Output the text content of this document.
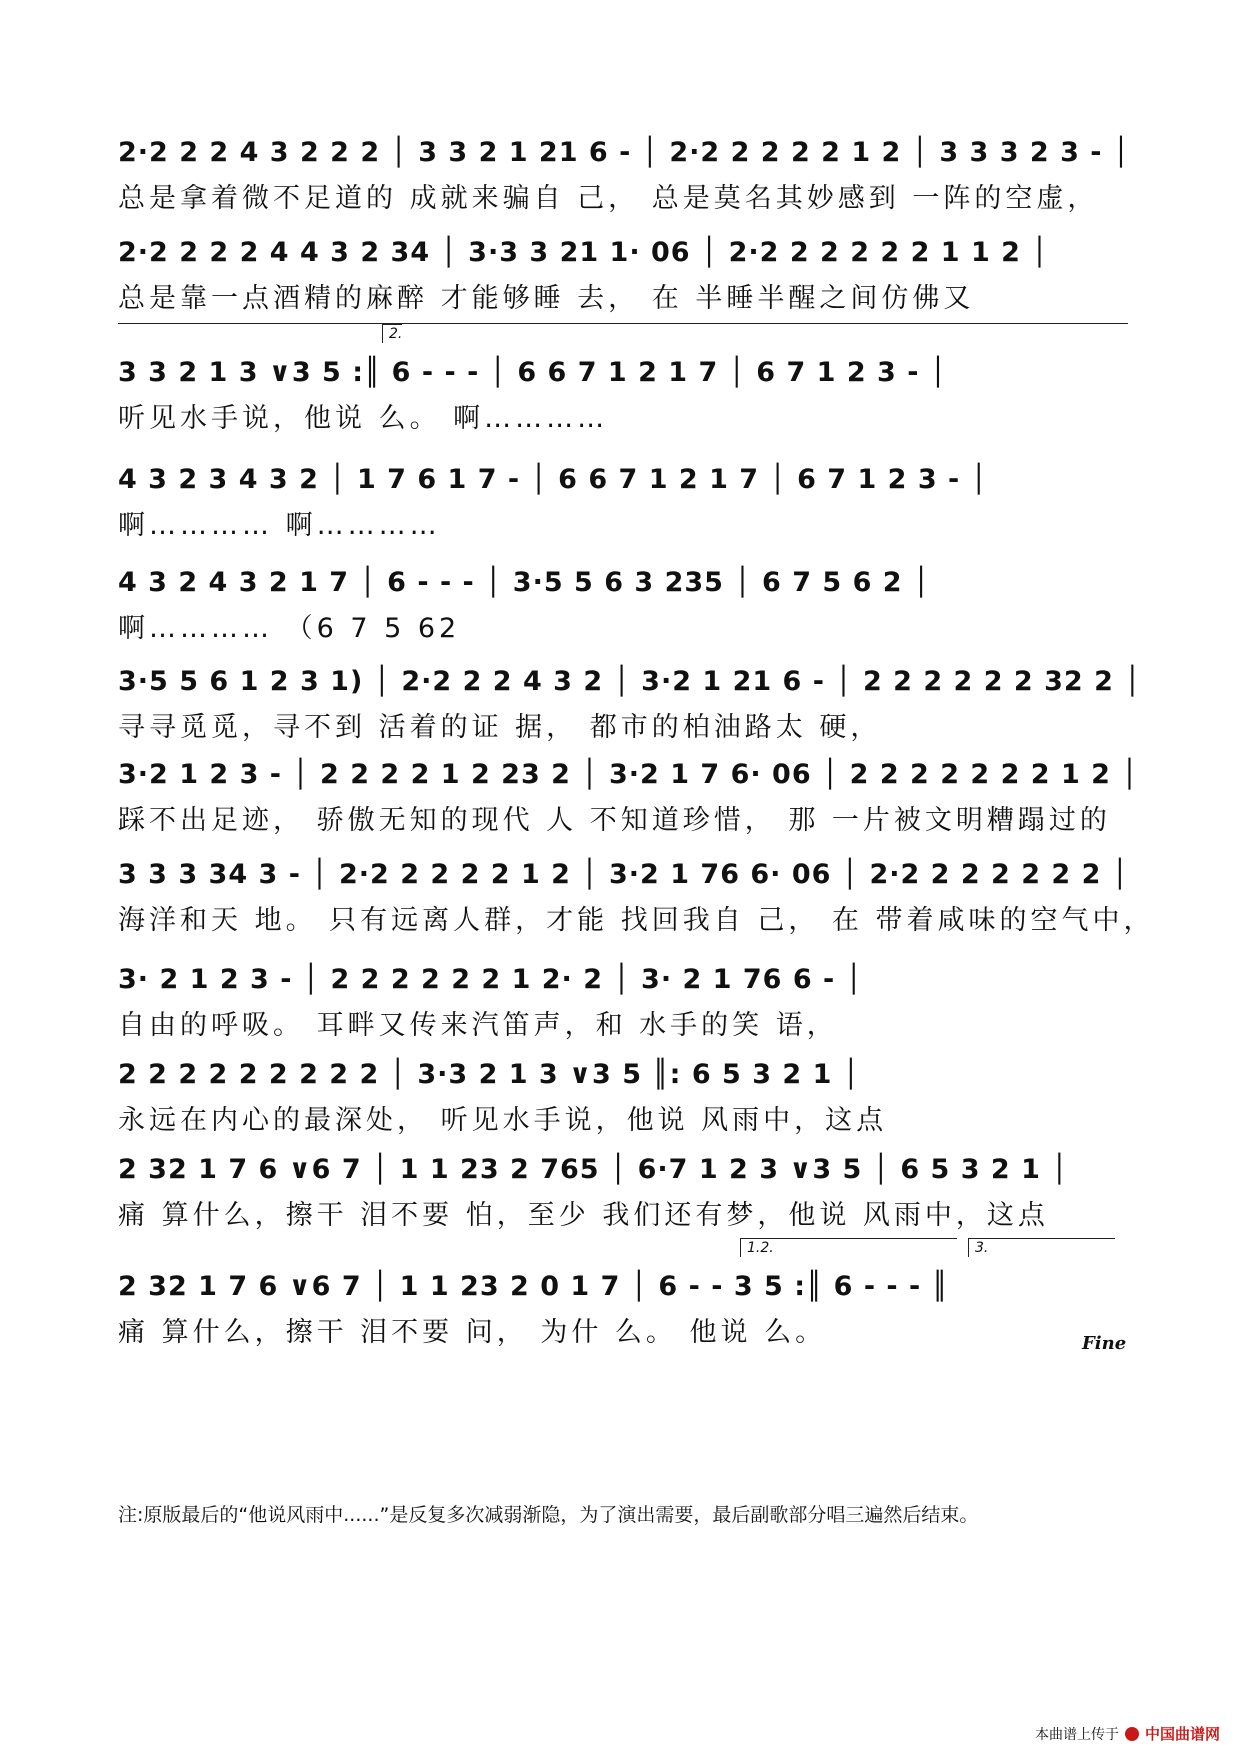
2·2 2 2 4 3 2 2 2 │ 3 3 2 1 21 6 - │ 2·2 2 2 2 2 1 2 │ 3 3 3 2 3 - │
总是拿着微不足道的 成就来骗自 己， 总是莫名其妙感到 一阵的空虚，
2·2 2 2 2 4 4 3 2 34 │ 3·3 3 21 1· 06 │ 2·2 2 2 2 2 2 1 1 2 │
总是靠一点酒精的麻醉 才能够睡 去， 在 半睡半醒之间仿佛又
2.
3 3 2 1 3 ∨3 5 :║ 6 - - - │ 6 6 7 1 2 1 7 │ 6 7 1 2 3 - │
听见水手说，他说 么。 啊…………
4 3 2 3 4 3 2 │ 1 7 6 1 7 - │ 6 6 7 1 2 1 7 │ 6 7 1 2 3 - │
啊………… 啊…………
4 3 2 4 3 2 1 7 │ 6 - - - │ 3·5 5 6 3 235 │ 6 7 5 6 2 │
啊………… （6 7 5 62
3·5 5 6 1 2 3 1) │ 2·2 2 2 4 3 2 │ 3·2 1 21 6 - │ 2 2 2 2 2 2 32 2 │
寻寻觅觅，寻不到 活着的证 据， 都市的柏油路太 硬，
3·2 1 2 3 - │ 2 2 2 2 1 2 23 2 │ 3·2 1 7 6· 06 │ 2 2 2 2 2 2 2 1 2 │
踩不出足迹， 骄傲无知的现代 人 不知道珍惜， 那 一片被文明糟蹋过的
3 3 3 34 3 - │ 2·2 2 2 2 2 1 2 │ 3·2 1 76 6· 06 │ 2·2 2 2 2 2 2 2 │
海洋和天 地。 只有远离人群，才能 找回我自 己， 在 带着咸味的空气中，
3· 2 1 2 3 - │ 2 2 2 2 2 2 1 2· 2 │ 3· 2 1 76 6 - │
自由的呼吸。 耳畔又传来汽笛声，和 水手的笑 语，
2 2 2 2 2 2 2 2 2 │ 3·3 2 1 3 ∨3 5 ║: 6 5 3 2 1 │
永远在内心的最深处， 听见水手说，他说 风雨中，这点
2 32 1 7 6 ∨6 7 │ 1 1 23 2 765 │ 6·7 1 2 3 ∨3 5 │ 6 5 3 2 1 │
痛 算什么，擦干 泪不要 怕，至少 我们还有梦，他说 风雨中，这点
1.2.	3.
2 32 1 7 6 ∨6 7 │ 1 1 23 2 0 1 7 │ 6 - - 3 5 :║ 6 - - - ║
痛 算什么，擦干 泪不要 问， 为什 么。 他说 么。	Fine
注:原版最后的“他说风雨中......”是反复多次减弱渐隐，为了演出需要，最后副歌部分唱三遍然后结束。
本曲谱上传于 中国曲谱网
